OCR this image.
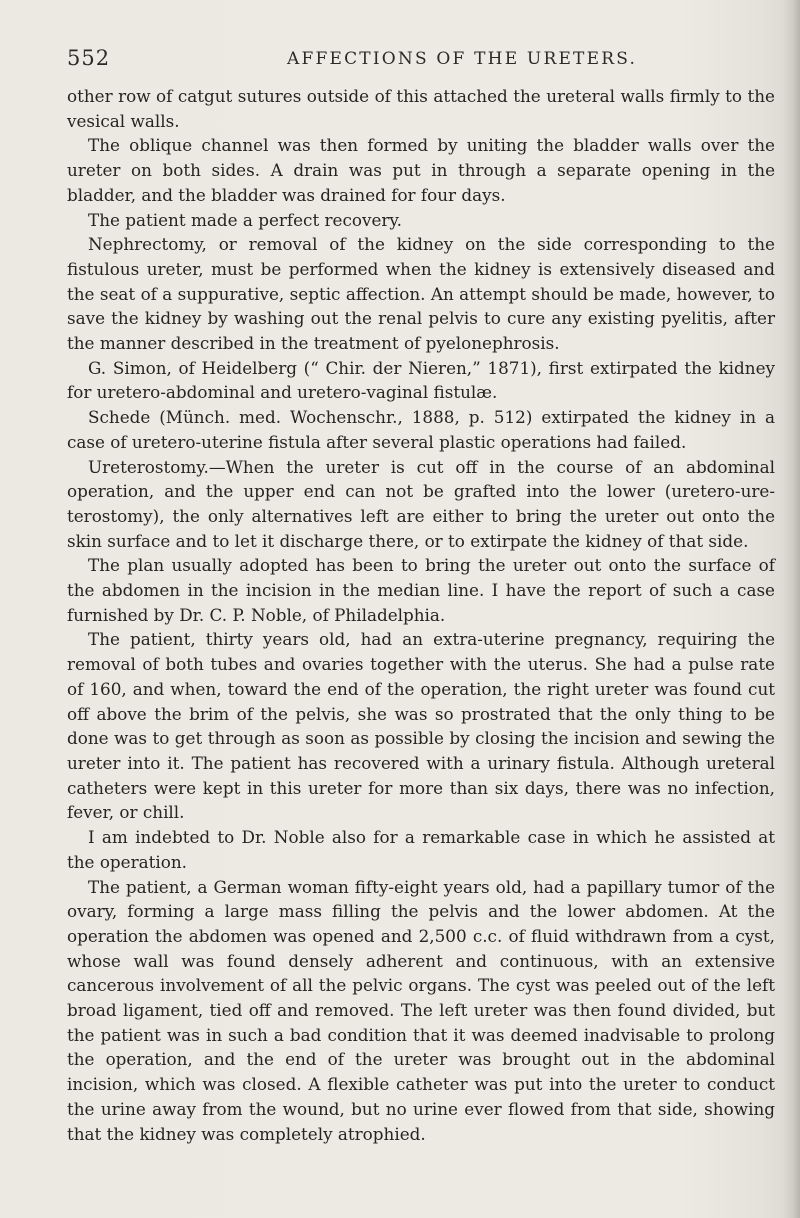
552	AFFECTIONS OF THE URETERS.

other row of catgut sutures outside of this attached the ureteral walls firmly to the vesical walls.

The oblique channel was then formed by uniting the bladder walls over the ureter on both sides. A drain was put in through a separate opening in the bladder, and the bladder was drained for four days.

The patient made a perfect recovery.

Nephrectomy, or removal of the kidney on the side corresponding to the fistulous ureter, must be performed when the kidney is extensively diseased and the seat of a suppurative, septic affection. An attempt should be made, however, to save the kidney by washing out the renal pelvis to cure any existing pyelitis, after the manner described in the treatment of pyelonephrosis.

G. Simon, of Heidelberg (“ Chir. der Nieren,” 1871), first extirpated the kidney for uretero-abdominal and uretero-vaginal fistulæ.

Schede (Münch. med. Wochenschr., 1888, p. 512) extirpated the kidney in a case of uretero-uterine fistula after several plastic operations had failed.

Ureterostomy.—When the ureter is cut off in the course of an abdominal operation, and the upper end can not be grafted into the lower (uretero-ure-terostomy), the only alternatives left are either to bring the ureter out onto the skin surface and to let it discharge there, or to extirpate the kidney of that side.

The plan usually adopted has been to bring the ureter out onto the surface of the abdomen in the incision in the median line. I have the report of such a case furnished by Dr. C. P. Noble, of Philadelphia.

The patient, thirty years old, had an extra-uterine pregnancy, requiring the removal of both tubes and ovaries together with the uterus. She had a pulse rate of 160, and when, toward the end of the operation, the right ureter was found cut off above the brim of the pelvis, she was so prostrated that the only thing to be done was to get through as soon as possible by closing the incision and sewing the ureter into it. The patient has recovered with a urinary fistula. Although ureteral catheters were kept in this ureter for more than six days, there was no infection, fever, or chill.

I am indebted to Dr. Noble also for a remarkable case in which he assisted at the operation.

The patient, a German woman fifty-eight years old, had a papillary tumor of the ovary, forming a large mass filling the pelvis and the lower abdomen. At the operation the abdomen was opened and 2,500 c.c. of fluid withdrawn from a cyst, whose wall was found densely adherent and continuous, with an extensive cancerous involvement of all the pelvic organs. The cyst was peeled out of the left broad ligament, tied off and removed. The left ureter was then found divided, but the patient was in such a bad condition that it was deemed inadvisable to prolong the operation, and the end of the ureter was brought out in the abdominal incision, which was closed. A flexible catheter was put into the ureter to conduct the urine away from the wound, but no urine ever flowed from that side, showing that the kidney was completely atrophied.
